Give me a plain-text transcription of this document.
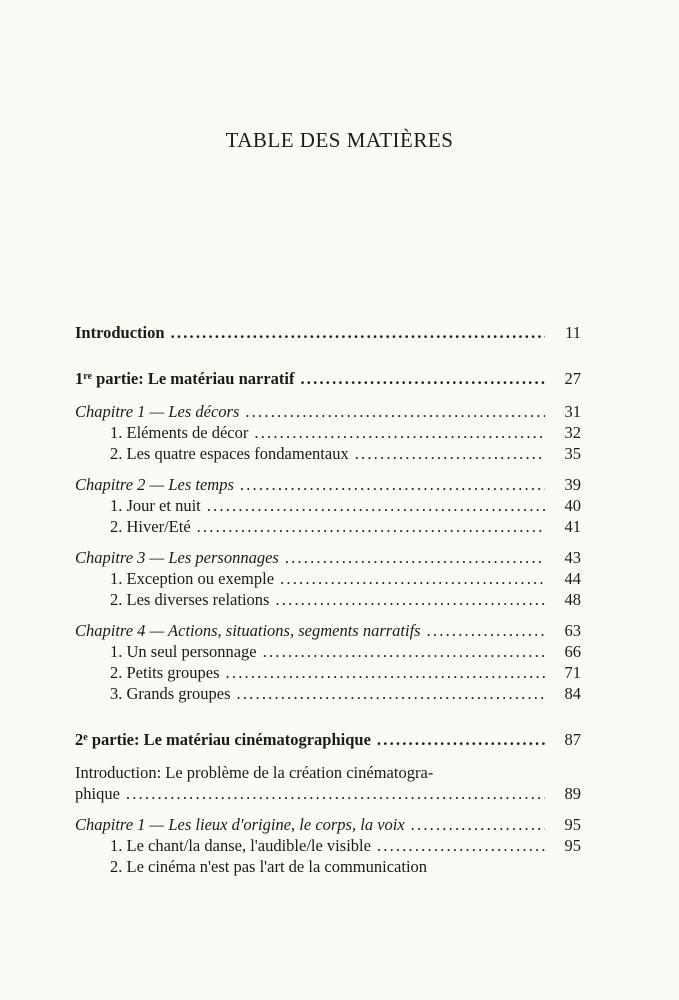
TABLE DES MATIÈRES
Introduction .....	11
1re partie: Le matériau narratif .....	27
Chapitre 1 — Les décors .....	31
1. Eléments de décor .....	32
2. Les quatre espaces fondamentaux .....	35
Chapitre 2 — Les temps .....	39
1. Jour et nuit .....	40
2. Hiver/Eté .....	41
Chapitre 3 — Les personnages .....	43
1. Exception ou exemple .....	44
2. Les diverses relations .....	48
Chapitre 4 — Actions, situations, segments narratifs .....	63
1. Un seul personnage .....	66
2. Petits groupes .....	71
3. Grands groupes .....	84
2e partie: Le matériau cinématographique .....	87
Introduction: Le problème de la création cinématogra-
phique .....	89
Chapitre 1 — Les lieux d'origine, le corps, la voix .....	95
1. Le chant/la danse, l'audible/le visible .....	95
2. Le cinéma n'est pas l'art de la communication
